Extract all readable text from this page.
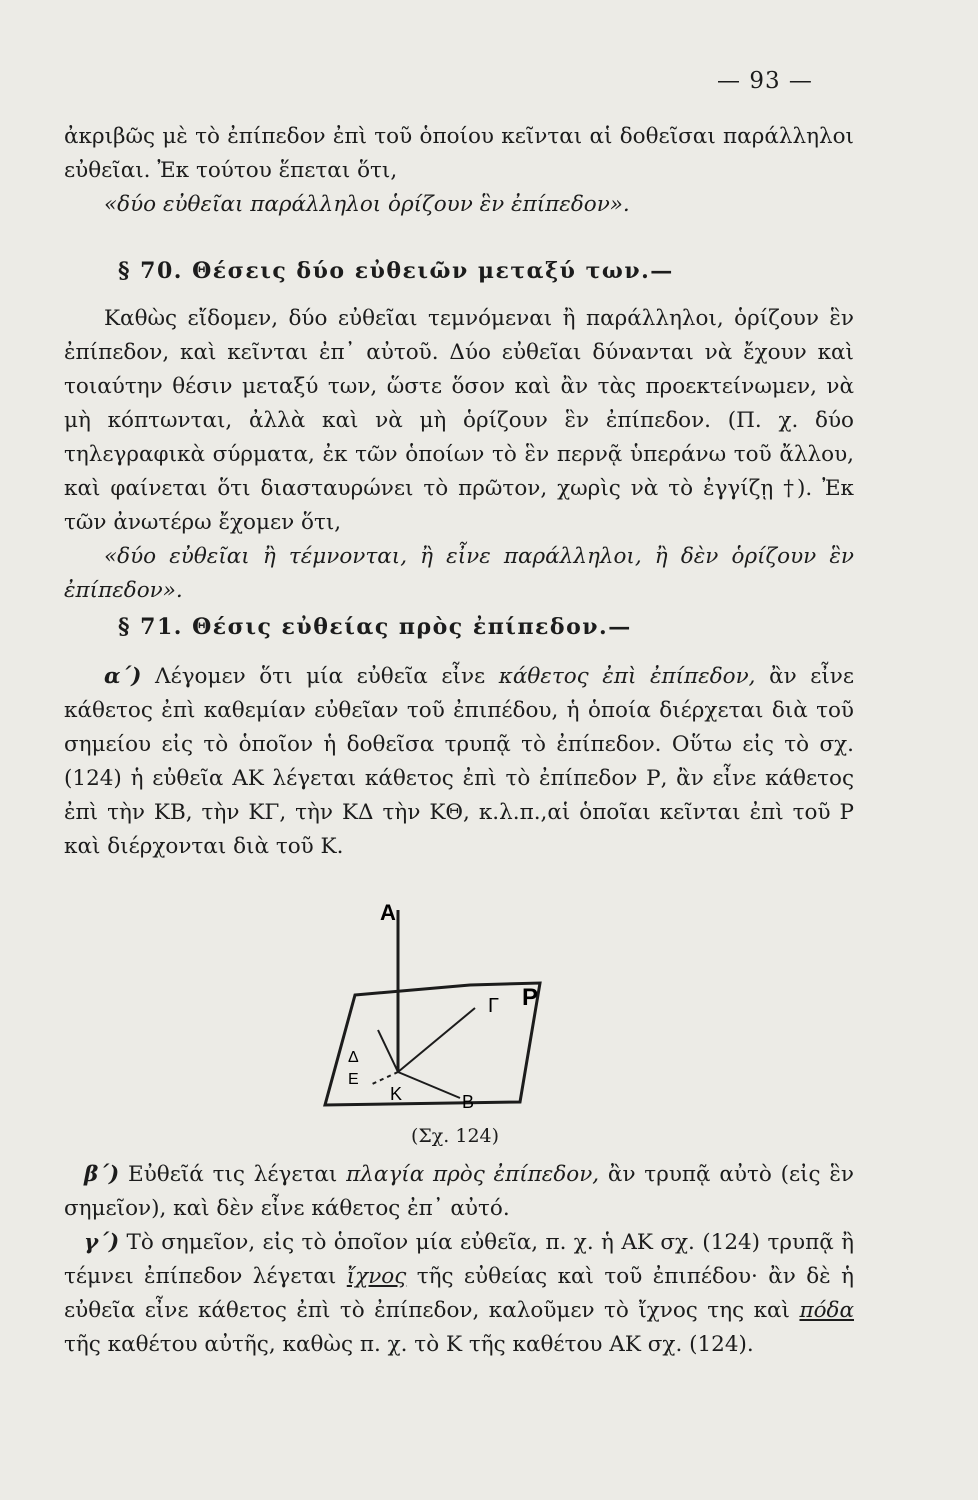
— 93 —

ἀκριβῶς μὲ τὸ ἐπίπεδον ἐπὶ τοῦ ὁποίου κεῖνται αἱ δοθεῖσαι παράλληλοι εὐθεῖαι. Ἐκ τούτου ἕπεται ὅτι,

«δύο εὐθεῖαι παράλληλοι ὁρίζουν ἓν ἐπίπεδον».

§ 70. Θέσεις δύο εὐθειῶν μεταξύ των.—

Καθὼς εἴδομεν, δύο εὐθεῖαι τεμνόμεναι ἢ παράλληλοι, ὁρίζουν ἓν ἐπίπεδον, καὶ κεῖνται ἐπ᾽ αὐτοῦ. Δύο εὐθεῖαι δύνανται νὰ ἔχουν καὶ τοιαύτην θέσιν μεταξύ των, ὥστε ὅσον καὶ ἂν τὰς προεκτείνωμεν, νὰ μὴ κόπτωνται, ἀλλὰ καὶ νὰ μὴ ὁρίζουν ἓν ἐπίπεδον. (Π. χ. δύο τηλεγραφικὰ σύρματα, ἐκ τῶν ὁποίων τὸ ἓν περνᾷ ὑπεράνω τοῦ ἄλλου, καὶ φαίνεται ὅτι διασταυρώνει τὸ πρῶτον, χωρὶς νὰ τὸ ἐγγίζῃ †). Ἐκ τῶν ἀνωτέρω ἔχομεν ὅτι,

«δύο εὐθεῖαι ἢ τέμνονται, ἢ εἶνε παράλληλοι, ἢ δὲν ὁρίζουν ἓν ἐπίπεδον».

§ 71. Θέσις εὐθείας πρὸς ἐπίπεδον.—

α΄) Λέγομεν ὅτι μία εὐθεῖα εἶνε κάθετος ἐπὶ ἐπίπεδον, ἂν εἶνε κάθετος ἐπὶ καθεμίαν εὐθεῖαν τοῦ ἐπιπέδου, ἡ ὁποία διέρχεται διὰ τοῦ σημείου εἰς τὸ ὁποῖον ἡ δοθεῖσα τρυπᾷ τὸ ἐπίπεδον. Οὕτω εἰς τὸ σχ. (124) ἡ εὐθεῖα ΑΚ λέγεται κάθετος ἐπὶ τὸ ἐπίπεδον Ρ, ἂν εἶνε κάθετος ἐπὶ τὴν ΚΒ, τὴν ΚΓ, τὴν ΚΔ τὴν ΚΘ, κ.λ.π.,αἱ ὁποῖαι κεῖνται ἐπὶ τοῦ Ρ καὶ διέρχονται διὰ τοῦ Κ.

Α
Γ Ρ
Δ
Ε
Κ	Β
(Σχ. 124)

β΄) Εὐθεῖά τις λέγεται πλαγία πρὸς ἐπίπεδον, ἂν τρυπᾷ αὐτὸ (εἰς ἓν σημεῖον), καὶ δὲν εἶνε κάθετος ἐπ᾽ αὐτό.

γ΄) Τὸ σημεῖον, εἰς τὸ ὁποῖον μία εὐθεῖα, π. χ. ἡ ΑΚ σχ. (124) τρυπᾷ ἢ τέμνει ἐπίπεδον λέγεται ἴχνος τῆς εὐθείας καὶ τοῦ ἐπιπέδου· ἂν δὲ ἡ εὐθεῖα εἶνε κάθετος ἐπὶ τὸ ἐπίπεδον, καλοῦμεν τὸ ἴχνος της καὶ πόδα τῆς καθέτου αὐτῆς, καθὼς π. χ. τὸ Κ τῆς καθέτου ΑΚ σχ. (124).
